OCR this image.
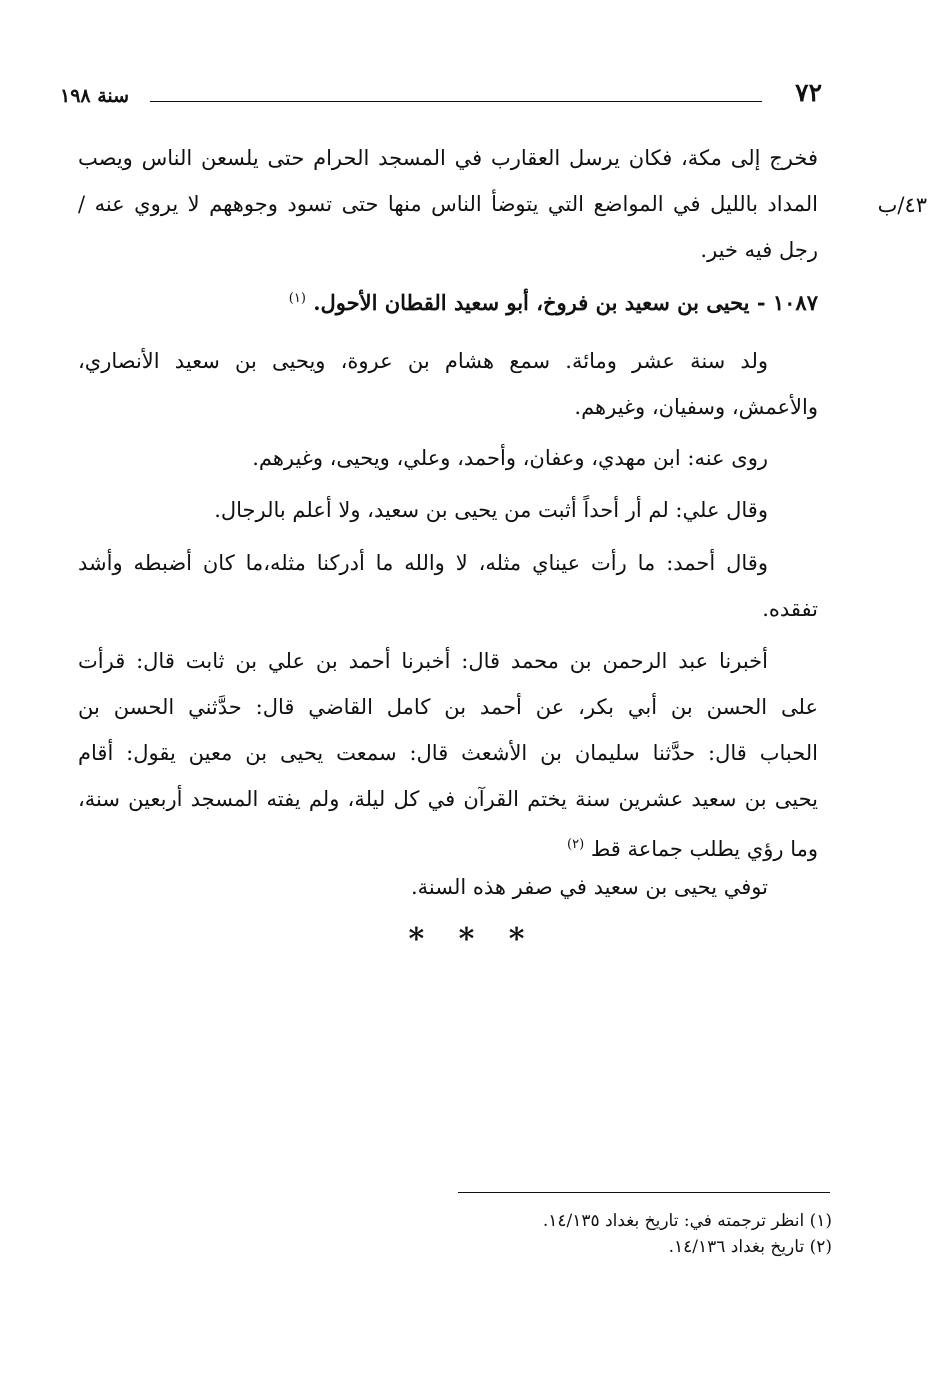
٧٢
سنة ١٩٨
٤٣/ب
فخرج إلى مكة، فكان يرسل العقارب في المسجد الحرام حتى يلسعن الناس ويصب
المداد بالليل في المواضع التي يتوضأ الناس منها حتى تسود وجوههم لا يروي عنه /
رجل فيه خير.
١٠٨٧ - يحيى بن سعيد بن فروخ، أبو سعيد القطان الأحول. $^{(١)}$
ولد سنة عشر ومائة. سمع هشام بن عروة، ويحيى بن سعيد الأنصاري،
والأعمش، وسفيان، وغيرهم.
روى عنه: ابن مهدي، وعفان، وأحمد، وعلي، ويحيى، وغيرهم.
وقال علي: لم أر أحداً أثبت من يحيى بن سعيد، ولا أعلم بالرجال.
وقال أحمد: ما رأت عيناي مثله، لا والله ما أدركنا مثله،ما كان أضبطه وأشد
تفقده.
أخبرنا عبد الرحمن بن محمد قال: أخبرنا أحمد بن علي بن ثابت قال: قرأت
على الحسن بن أبي بكر، عن أحمد بن كامل القاضي قال: حدَّثني الحسن بن
الحباب قال: حدَّثنا سليمان بن الأشعث قال: سمعت يحيى بن معين يقول: أقام
يحيى بن سعيد عشرين سنة يختم القرآن في كل ليلة، ولم يفته المسجد أربعين سنة،
وما رؤي يطلب جماعة قط $^{(٢)}$
توفي يحيى بن سعيد في صفر هذه السنة.
* * *
(١) انظر ترجمته في: تاريخ بغداد ١٤/١٣٥.
(٢) تاريخ بغداد ١٤/١٣٦.
